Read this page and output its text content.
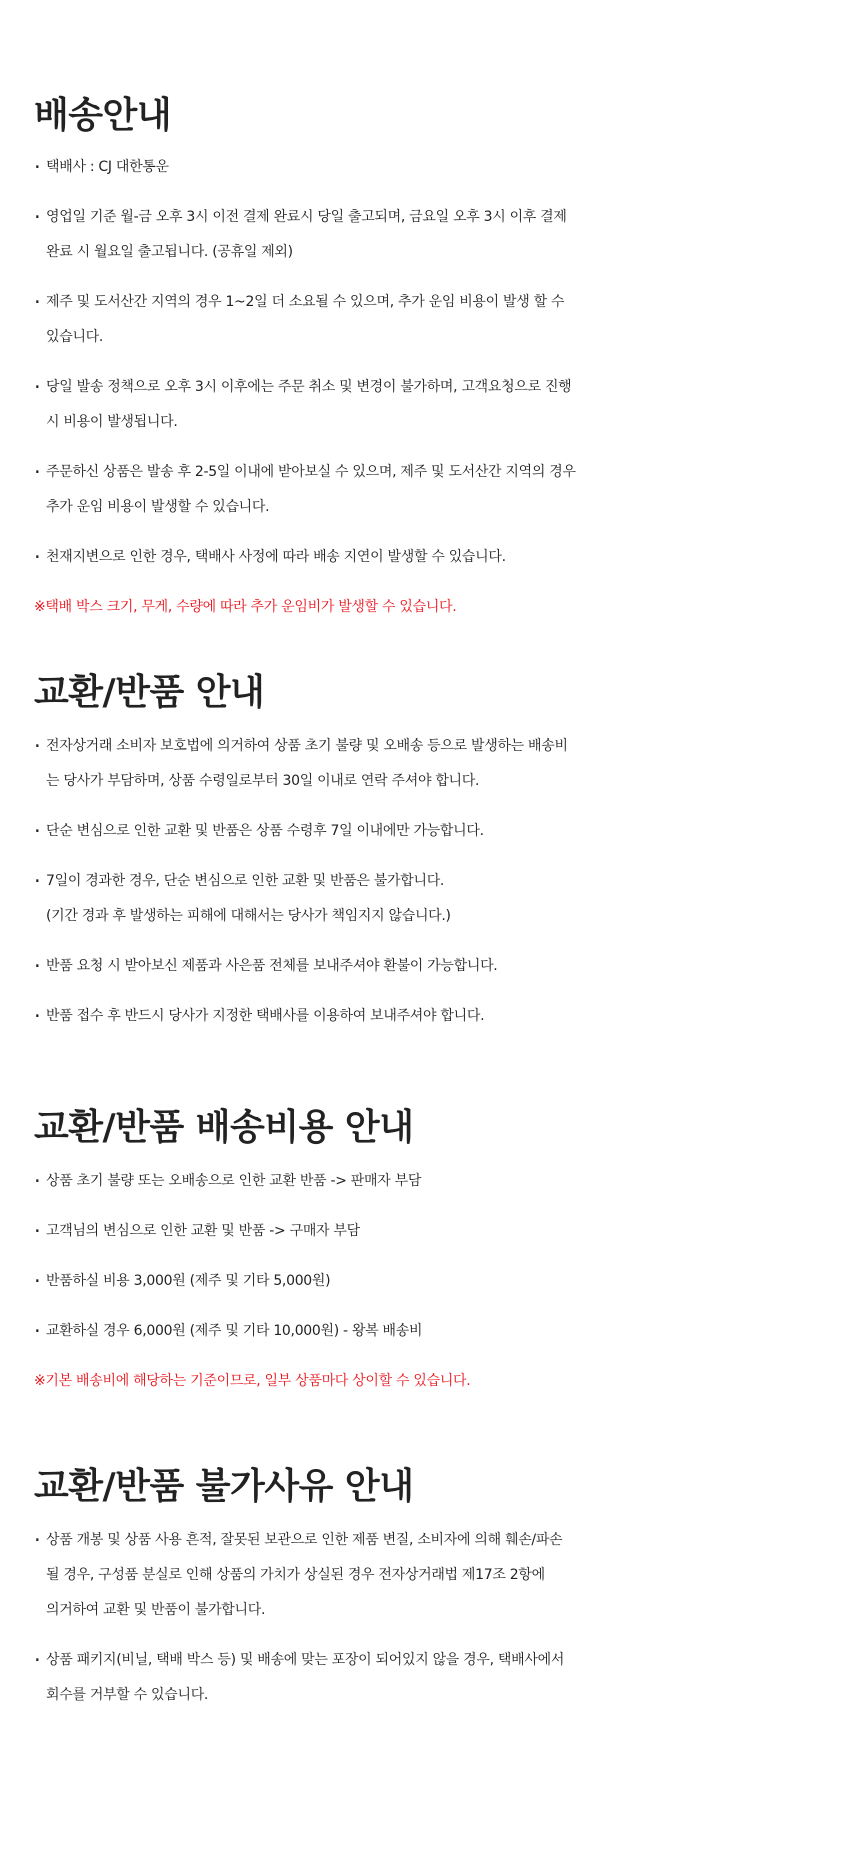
배송안내
· 택배사 : CJ 대한통운
· 영업일 기준 월-금 오후 3시 이전 결제 완료시 당일 출고되며, 금요일 오후 3시 이후 결제
완료 시 월요일 출고됩니다. (공휴일 제외)
· 제주 및 도서산간 지역의 경우 1~2일 더 소요될 수 있으며, 추가 운임 비용이 발생 할 수
있습니다.
· 당일 발송 정책으로 오후 3시 이후에는 주문 취소 및 변경이 불가하며, 고객요청으로 진행
시 비용이 발생됩니다.
· 주문하신 상품은 발송 후 2-5일 이내에 받아보실 수 있으며, 제주 및 도서산간 지역의 경우
추가 운임 비용이 발생할 수 있습니다.
· 천재지변으로 인한 경우, 택배사 사정에 따라 배송 지연이 발생할 수 있습니다.

※택배 박스 크기, 무게, 수량에 따라 추가 운임비가 발생할 수 있습니다.

교환/반품 안내
· 전자상거래 소비자 보호법에 의거하여 상품 초기 불량 및 오배송 등으로 발생하는 배송비
는 당사가 부담하며, 상품 수령일로부터 30일 이내로 연락 주셔야 합니다.
· 단순 변심으로 인한 교환 및 반품은 상품 수령후 7일 이내에만 가능합니다.
· 7일이 경과한 경우, 단순 변심으로 인한 교환 및 반품은 불가합니다.
(기간 경과 후 발생하는 피해에 대해서는 당사가 책임지지 않습니다.)
· 반품 요청 시 받아보신 제품과 사은품 전체를 보내주셔야 환불이 가능합니다.
· 반품 접수 후 반드시 당사가 지정한 택배사를 이용하여 보내주셔야 합니다.
교환/반품 배송비용 안내
· 상품 초기 불량 또는 오배송으로 인한 교환 반품 -> 판매자 부담
· 고객님의 변심으로 인한 교환 및 반품 -> 구매자 부담
· 반품하실 비용 3,000원 (제주 및 기타 5,000원)
· 교환하실 경우 6,000원 (제주 및 기타 10,000원) - 왕복 배송비

※기본 배송비에 해당하는 기준이므로, 일부 상품마다 상이할 수 있습니다.

교환/반품 불가사유 안내
· 상품 개봉 및 상품 사용 흔적, 잘못된 보관으로 인한 제품 변질, 소비자에 의해 훼손/파손
될 경우, 구성품 분실로 인해 상품의 가치가 상실된 경우 전자상거래법 제17조 2항에
의거하여 교환 및 반품이 불가합니다.
· 상품 패키지(비닐, 택배 박스 등) 및 배송에 맞는 포장이 되어있지 않을 경우, 택배사에서
회수를 거부할 수 있습니다.
